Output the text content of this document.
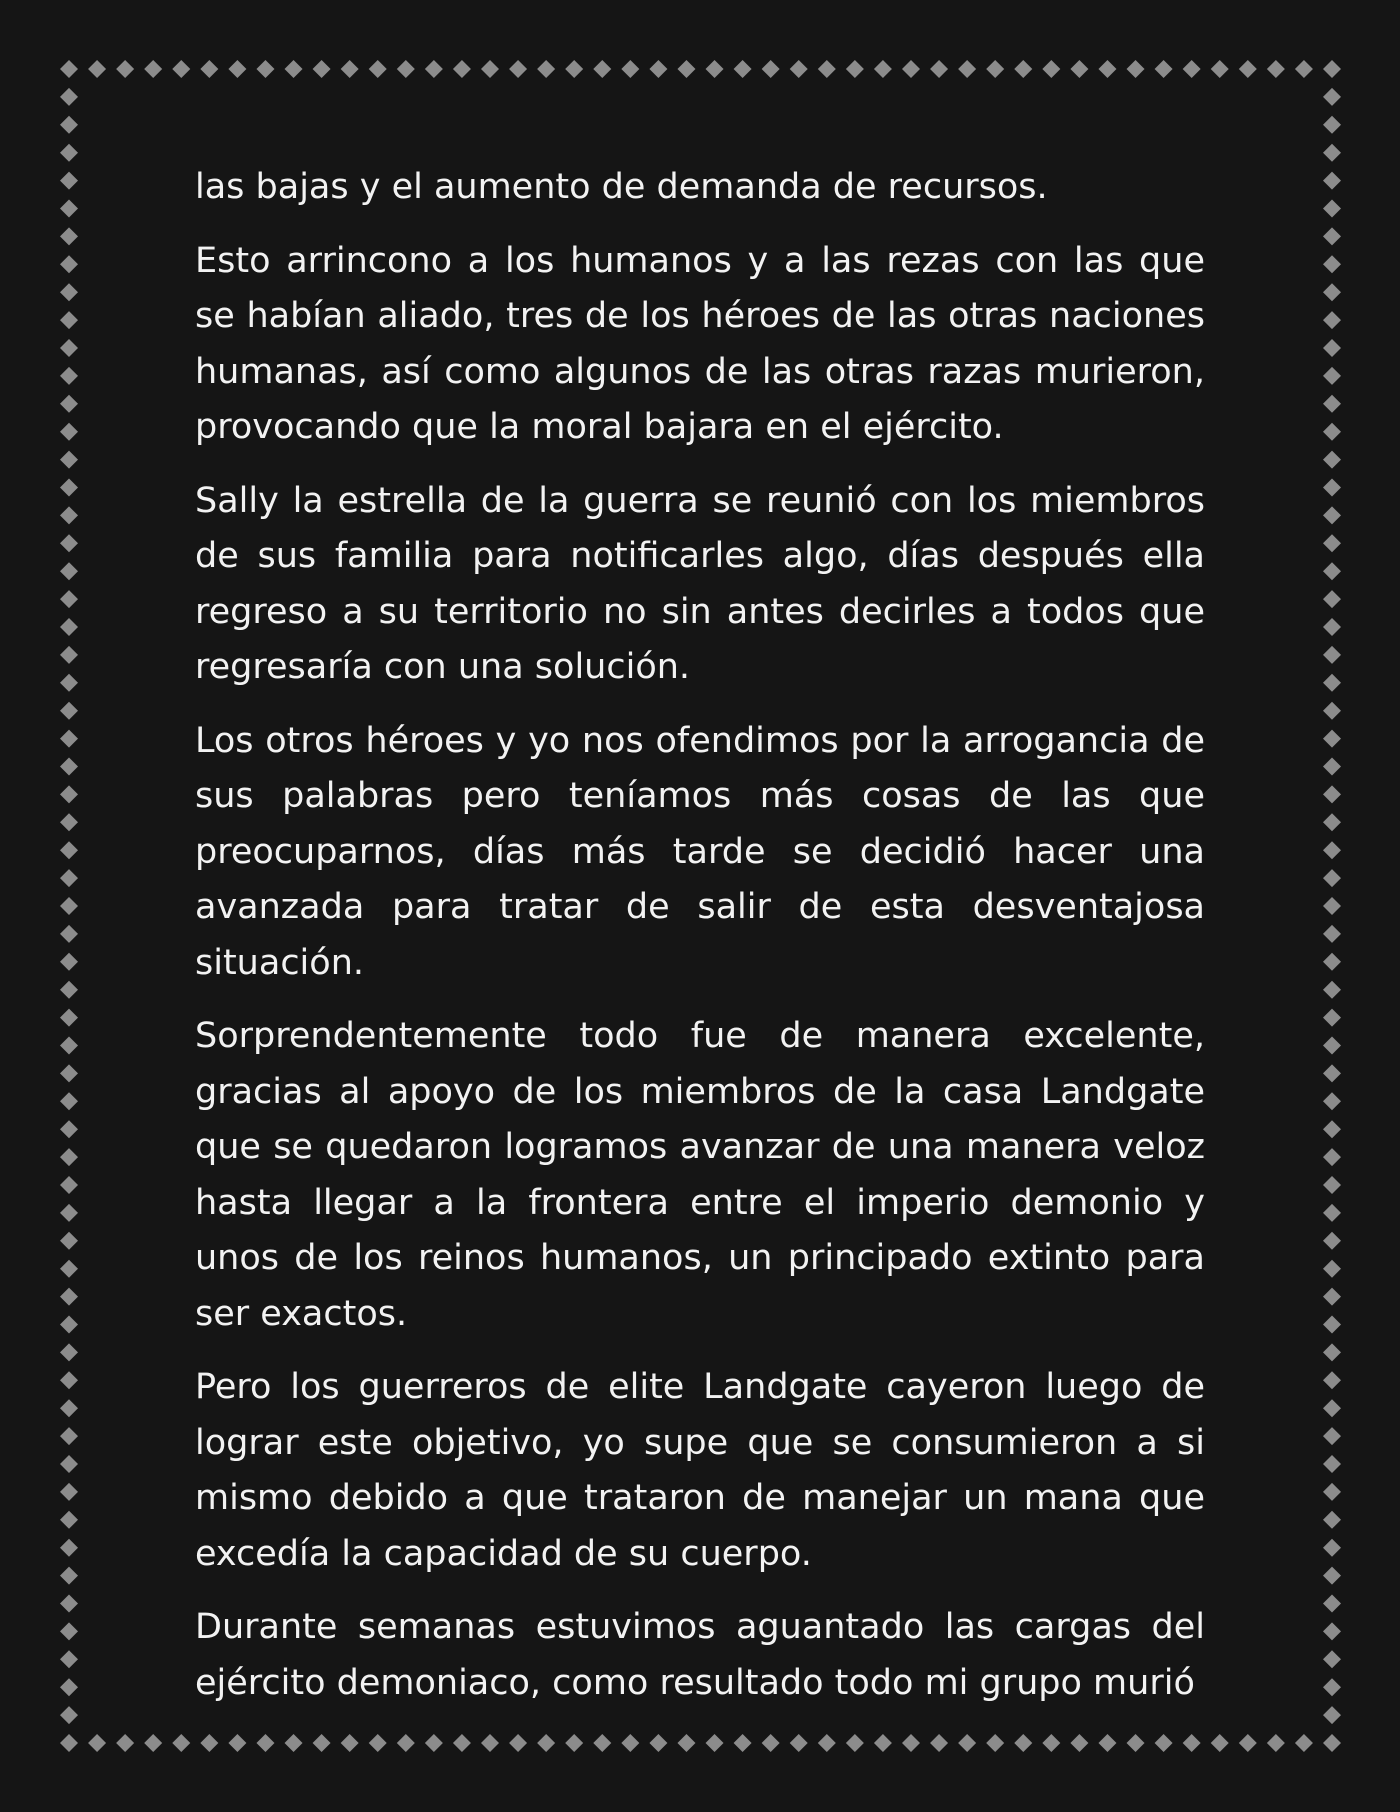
las bajas y el aumento de demanda de recursos.

Esto arrincono a los humanos y a las rezas con las que se habían aliado, tres de los héroes de las otras naciones humanas, así como algunos de las otras razas murieron, provocando que la moral bajara en el ejército.

Sally la estrella de la guerra se reunió con los miembros de sus familia para notificarles algo, días después ella regreso a su territorio no sin antes decirles a todos que regresaría con una solución.

Los otros héroes y yo nos ofendimos por la arrogancia de sus palabras pero teníamos más cosas de las que preocuparnos, días más tarde se decidió hacer una avanzada para tratar de salir de esta desventajosa situación.

Sorprendentemente todo fue de manera excelente, gracias al apoyo de los miembros de la casa Landgate que se quedaron logramos avanzar de una manera veloz hasta llegar a la frontera entre el imperio demonio y unos de los reinos humanos, un principado extinto para ser exactos.

Pero los guerreros de elite Landgate cayeron luego de lograr este objetivo, yo supe que se consumieron a si mismo debido a que trataron de manejar un mana que excedía la capacidad de su cuerpo.

Durante semanas estuvimos aguantado las cargas del ejército demoniaco, como resultado todo mi grupo murió
